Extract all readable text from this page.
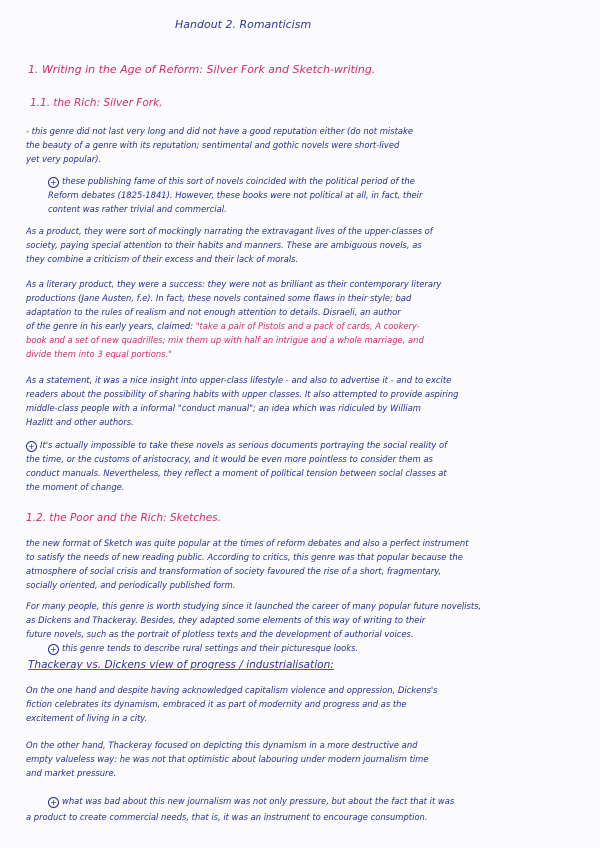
Handout 2. Romanticism
1. Writing in the Age of Reform: Silver Fork and Sketch-writing.
1.1. the Rich: Silver Fork.
- this genre did not last very long and did not have a good reputation either (do not mistake
the beauty of a genre with its reputation; sentimental and gothic novels were short-lived
yet very popular).
+ these publishing fame of this sort of novels coincided with the political period of the
Reform debates (1825-1841). However, these books were not political at all, in fact, their
content was rather trivial and commercial.
As a product, they were sort of mockingly narrating the extravagant lives of the upper-classes of
society, paying special attention to their habits and manners. These are ambiguous novels, as
they combine a criticism of their excess and their lack of morals.
As a literary product, they were a success: they were not as brilliant as their contemporary literary
productions (Jane Austen, f.e). In fact, these novels contained some flaws in their style; bad
adaptation to the rules of realism and not enough attention to details. Disraeli, an author
of the genre in his early years, claimed: "take a pair of Pistols and a pack of cards, A cookery-
book and a set of new quadrilles; mix them up with half an intrigue and a whole marriage, and
divide them into 3 equal portions."
As a statement, it was a nice insight into upper-class lifestyle - and also to advertise it - and to excite
readers about the possibility of sharing habits with upper classes. It also attempted to provide aspiring
middle-class people with a informal "conduct manual"; an idea which was ridiculed by William
Hazlitt and other authors.
+ It's actually impossible to take these novels as serious documents portraying the social reality of
the time, or the customs of aristocracy, and it would be even more pointless to consider them as
conduct manuals. Nevertheless, they reflect a moment of political tension between social classes at
the moment of change.
1.2. the Poor and the Rich: Sketches.
the new format of Sketch was quite popular at the times of reform debates and also a perfect instrument
to satisfy the needs of new reading public. According to critics, this genre was that popular because the
atmosphere of social crisis and transformation of society favoured the rise of a short, fragmentary,
socially oriented, and periodically published form.
For many people, this genre is worth studying since it launched the career of many popular future novelists,
as Dickens and Thackeray. Besides, they adapted some elements of this way of writing to their
future novels, such as the portrait of plotless texts and the development of authorial voices.
+ this genre tends to describe rural settings and their picturesque looks.
Thackeray vs. Dickens view of progress / industrialisation:
On the one hand and despite having acknowledged capitalism violence and oppression, Dickens's
fiction celebrates its dynamism, embraced it as part of modernity and progress and as the
excitement of living in a city.
On the other hand, Thackeray focused on depicting this dynamism in a more destructive and
empty valueless way: he was not that optimistic about labouring under modern journalism time
and market pressure.
+ what was bad about this new journalism was not only pressure, but about the fact that it was
a product to create commercial needs, that is, it was an instrument to encourage consumption.
